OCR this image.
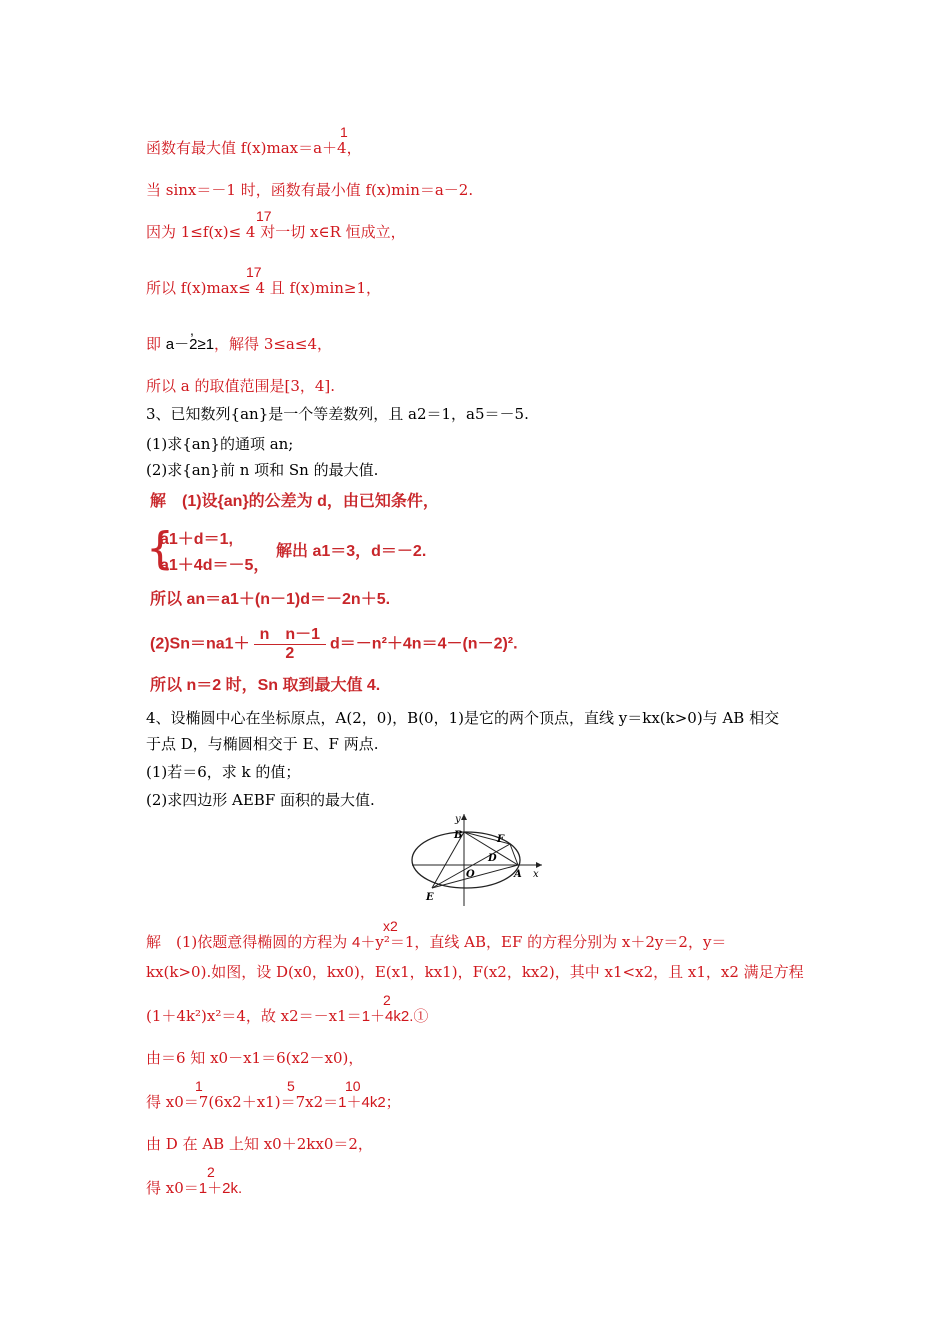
1
函数有最大值 f(x)max＝a＋4，
当 sinx＝－1 时，函数有最小值 f(x)min＝a－2.
17
因为 1≤f(x)≤ 4 对一切 x∈R 恒成立，
17
所以 f(x)max≤ 4 且 f(x)min≥1，
,
即 a－2≥1，解得 3≤a≤4，
所以 a 的取值范围是[3，4].
3、已知数列{an}是一个等差数列，且 a2＝1，a5＝－5.
(1)求{an}的通项 an;
(2)求{an}前 n 项和 Sn 的最大值.
解　(1)设{an}的公差为 d，由已知条件，
{
a1＋d＝1,
a1＋4d＝－5，
解出 a1＝3，d＝－2.
所以 an＝a1＋(n－1)d＝－2n＋5.
$(2)Sn=na1+ \frac{\text{n　n－1}}{2} d=-n^2+4n=4-(n-2)^2$.
所以 n＝2 时，Sn 取到最大值 4.
4、设椭圆中心在坐标原点，A(2，0)，B(0，1)是它的两个顶点，直线 y＝kx(k>0)与 AB 相交
于点 D，与椭圆相交于 E、F 两点.
(1)若＝6，求 k 的值；
(2)求四边形 AEBF 面积的最大值.
y
B	F
D
O	A x
E
x2
解　(1)依题意得椭圆的方程为 4＋y²＝1，直线 AB，EF 的方程分别为 x＋2y＝2，y＝
kx(k>0).如图，设 D(x0，kx0)，E(x1，kx1)，F(x2，kx2)，其中 x1<x2，且 x1，x2 满足方程
2
(1＋4k²)x²＝4，故 x2＝－x1＝1＋4k2.①
由＝6 知 x0－x1＝6(x2－x0)，
1	5	10
得 x0＝7(6x2＋x1)＝7x2＝1＋4k2；
由 D 在 AB 上知 x0＋2kx0＝2，
2
得 x0＝1＋2k.
